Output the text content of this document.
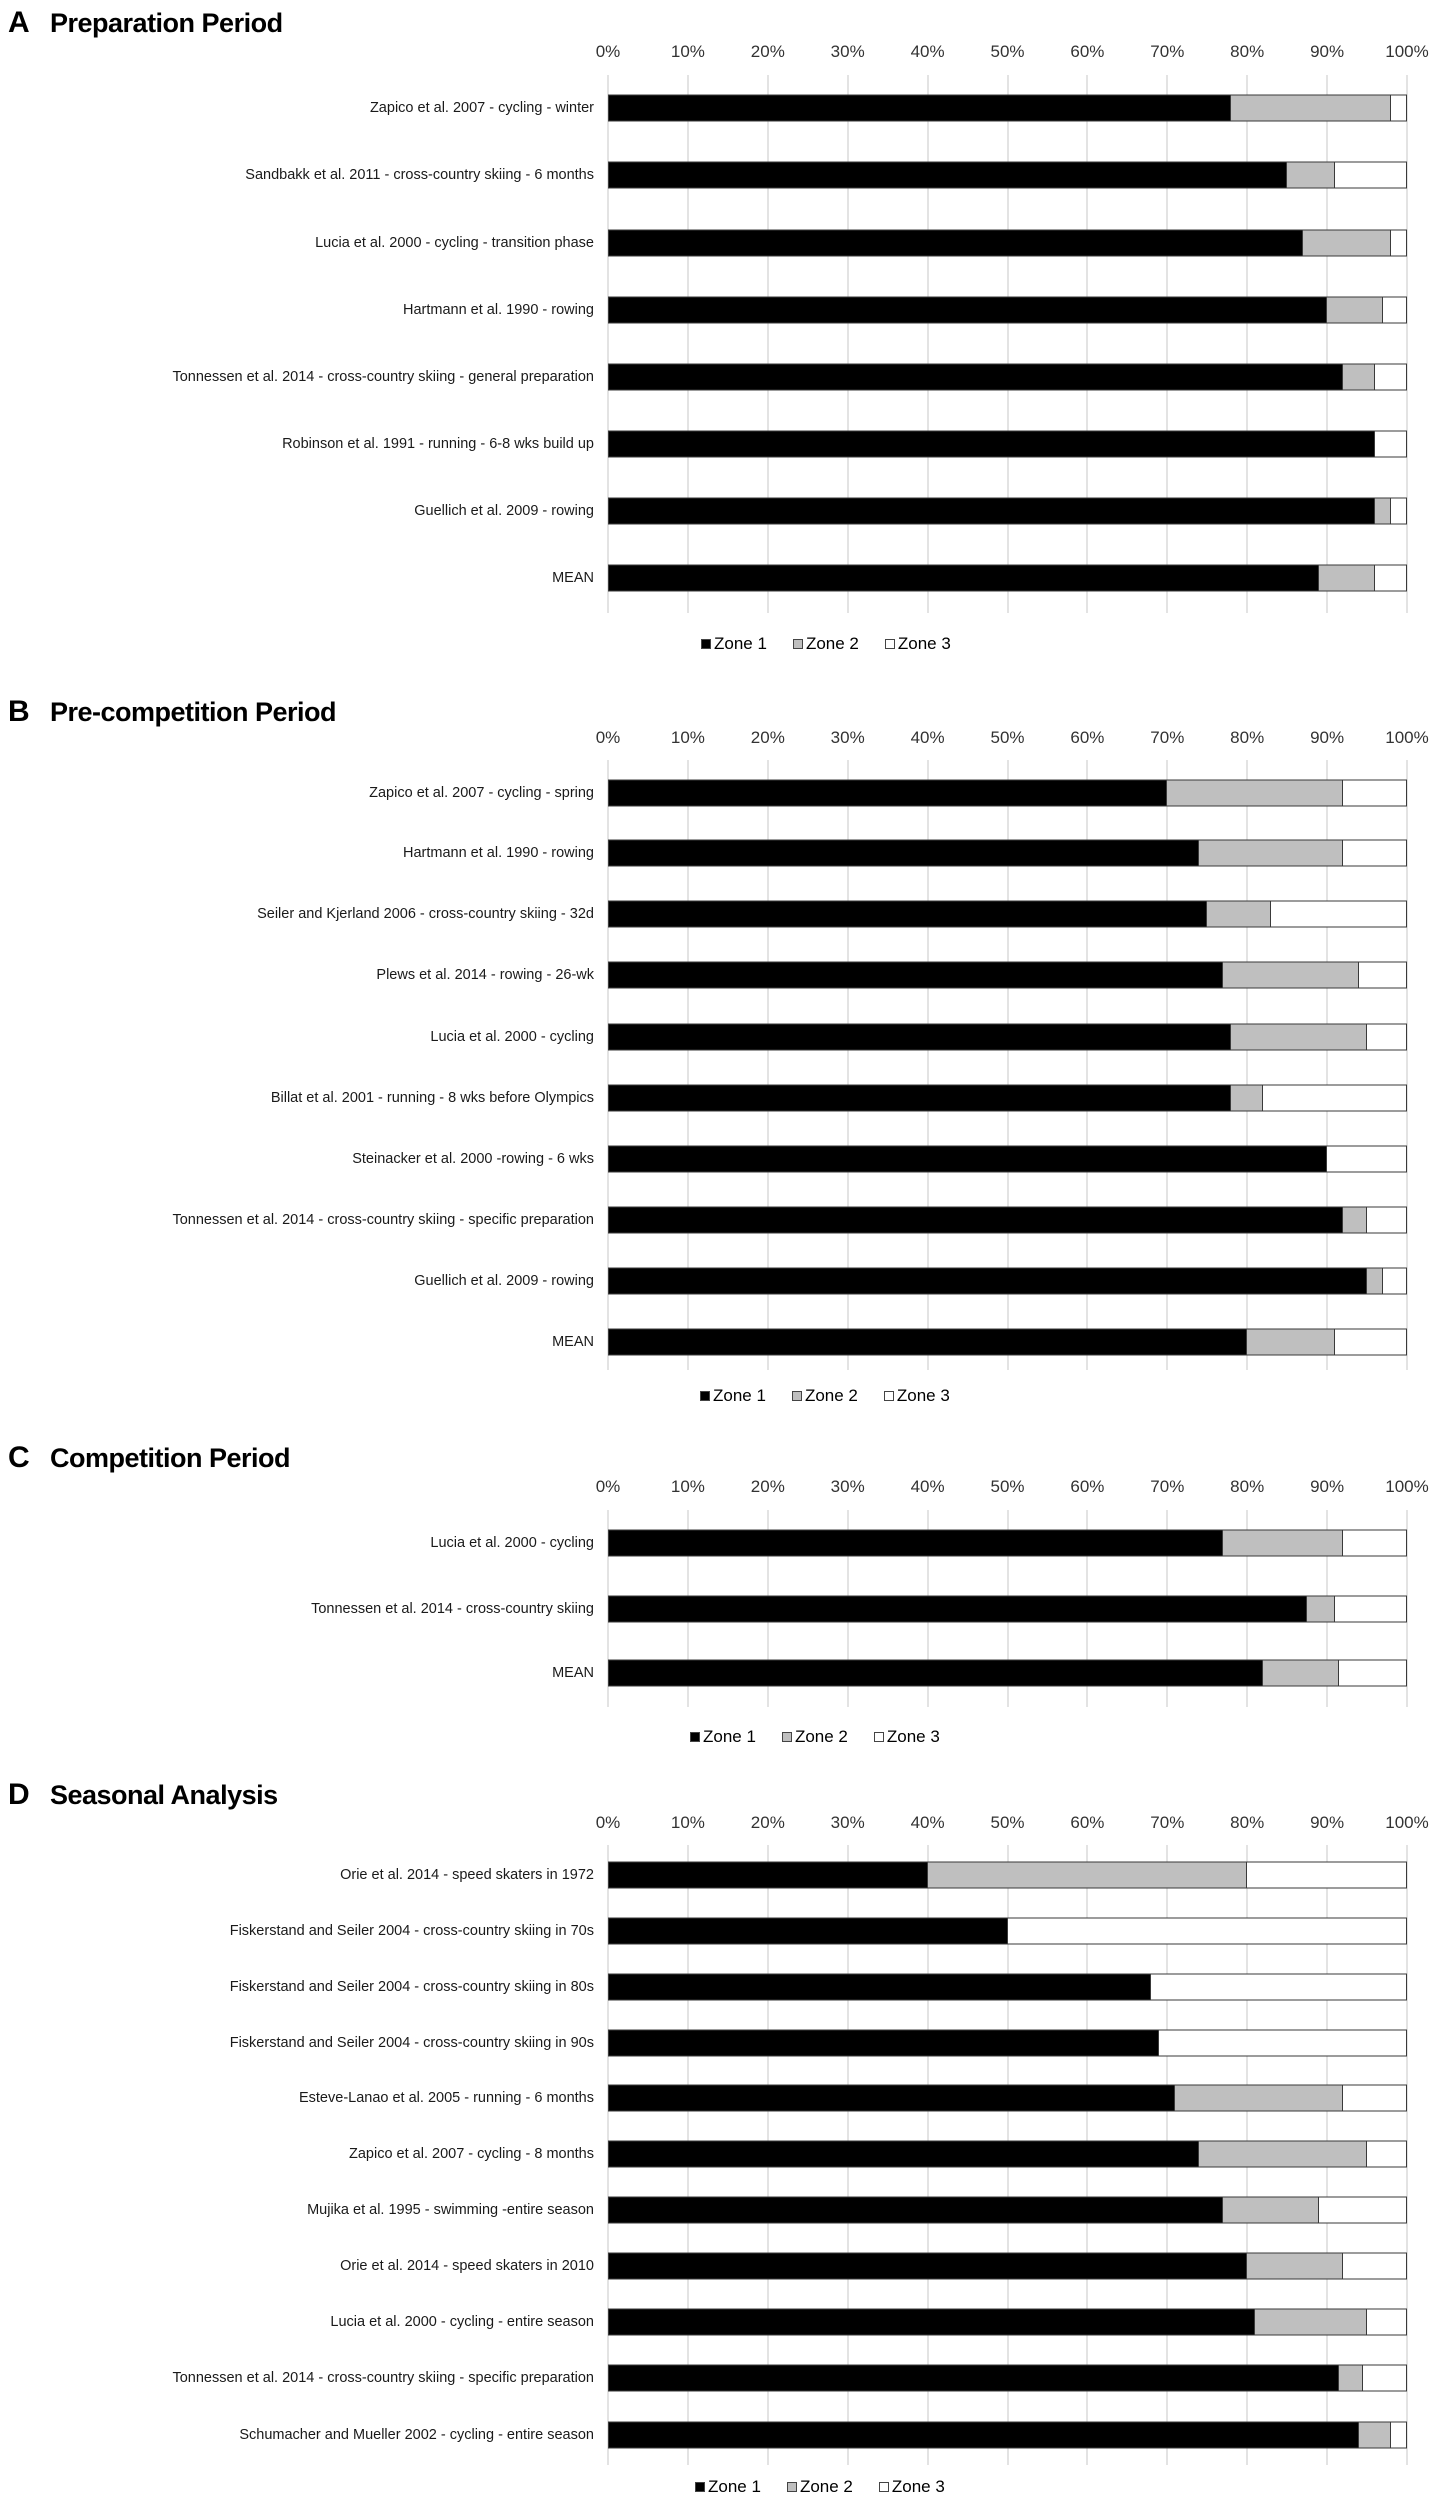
A Preparation Period
0%	10%	20%	30%	40%	50%	60%	70%	80%	90% 100%
Zapico et al. 2007 - cycling - winter
Sandbakk et al. 2011 - cross-country skiing - 6 months
Lucia et al. 2000 - cycling - transition phase
Hartmann et al. 1990 - rowing
Tonnessen et al. 2014 - cross-country skiing - general preparation
Robinson et al. 1991 - running - 6-8 wks build up
Guellich et al. 2009 - rowing
MEAN
Zone 1 Zone 2 Zone 3
B Pre-competition Period
0%	10%	20%	30%	40%	50%	60%	70%	80%	90% 100%
Zapico et al. 2007 - cycling - spring
Hartmann et al. 1990 - rowing
Seiler and Kjerland 2006 - cross-country skiing - 32d
Plews et al. 2014 - rowing - 26-wk
Lucia et al. 2000 - cycling
Billat et al. 2001 - running - 8 wks before Olympics
Steinacker et al. 2000 -rowing - 6 wks
Tonnessen et al. 2014 - cross-country skiing - specific preparation
Guellich et al. 2009 - rowing
MEAN
Zone 1 Zone 2 Zone 3
C Competition Period
0%	10%	20%	30%	40%	50%	60%	70%	80%	90% 100%
Lucia et al. 2000 - cycling
Tonnessen et al. 2014 - cross-country skiing
MEAN
Zone 1 Zone 2 Zone 3
D Seasonal Analysis
0%	10%	20%	30%	40%	50%	60%	70%	80%	90% 100%
Orie et al. 2014 - speed skaters in 1972
Fiskerstand and Seiler 2004 - cross-country skiing in 70s
Fiskerstand and Seiler 2004 - cross-country skiing in 80s
Fiskerstand and Seiler 2004 - cross-country skiing in 90s
Esteve-Lanao et al. 2005 - running - 6 months
Zapico et al. 2007 - cycling - 8 months
Mujika et al. 1995 - swimming -entire season
Orie et al. 2014 - speed skaters in 2010
Lucia et al. 2000 - cycling - entire season
Tonnessen et al. 2014 - cross-country skiing - specific preparation
Schumacher and Mueller 2002 - cycling - entire season
Zone 1 Zone 2 Zone 3
